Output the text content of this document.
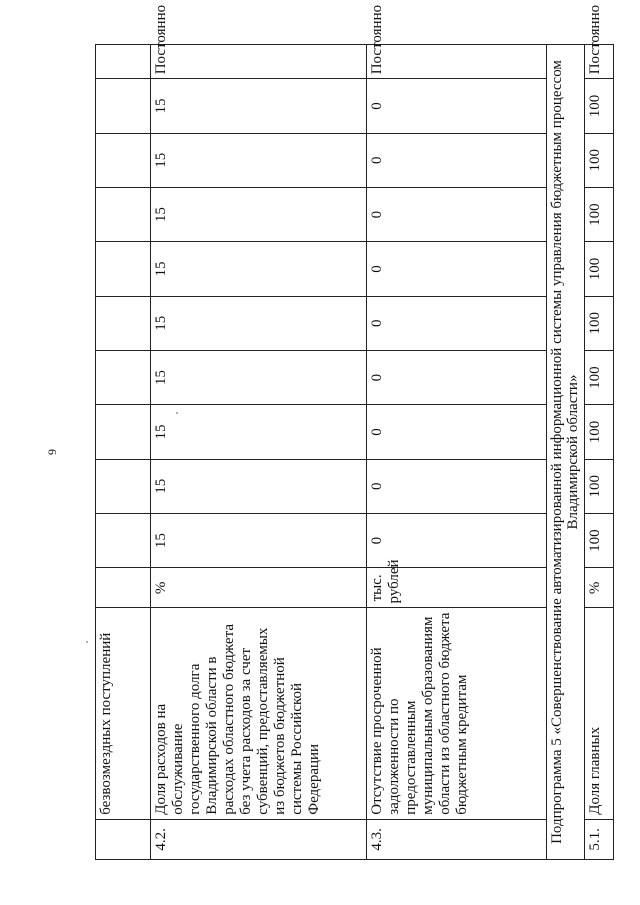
9
	безвозмездных поступлений											
4.2.	Доля расходов на обслуживание государственного долга Владимирской области в расходах областного бюджета без учета расходов за счет субвенций, предоставляемых из бюджетов бюджетной системы Российской Федерации	%	15	15	15	15	15	15	15	15	15	Постоянно
4.3.	Отсутствие просроченной задолженности по предоставленным муниципальным образованиям области из областного бюджета бюджетным кредитам	тыс. рублей	0	0	0	0	0	0	0	0	0	Постоянно
Подпрограмма 5 «Совершенствование автоматизированной информационной системы управления бюджетным процессом Владимирской области»												
5.1.	Доля главных	%	100	100	100	100	100	100	100	100	100	Постоянно
